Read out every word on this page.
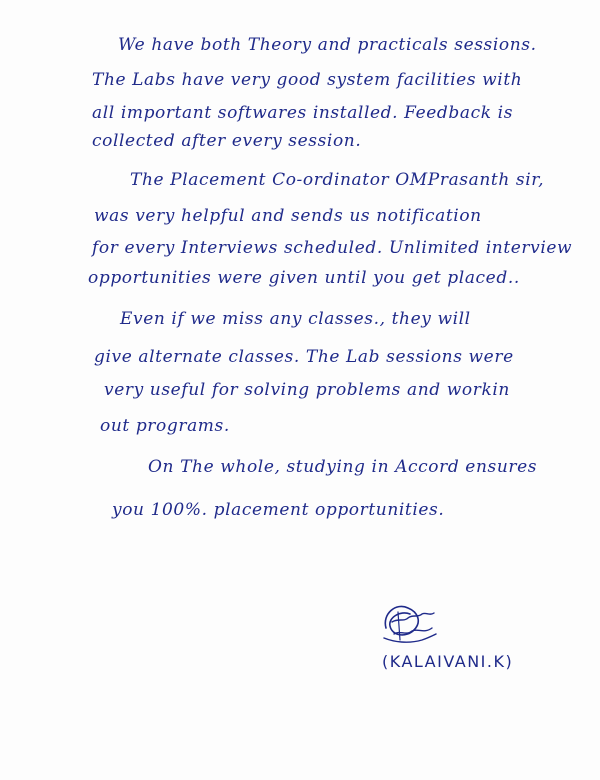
We have both Theory and practicals sessions.
The Labs have very good system facilities with
all important softwares installed. Feedback is
collected after every session.
The Placement Co-ordinator OMPrasanth sir,
was very helpful and sends us notification
for every Interviews scheduled. Unlimited interview
opportunities were given until you get placed..
Even if we miss any classes., they will
give alternate classes. The Lab sessions were
very useful for solving problems and workin
out programs.
On The whole, studying in Accord ensures
you 100%. placement opportunities.
(KALAIVANI.K)
